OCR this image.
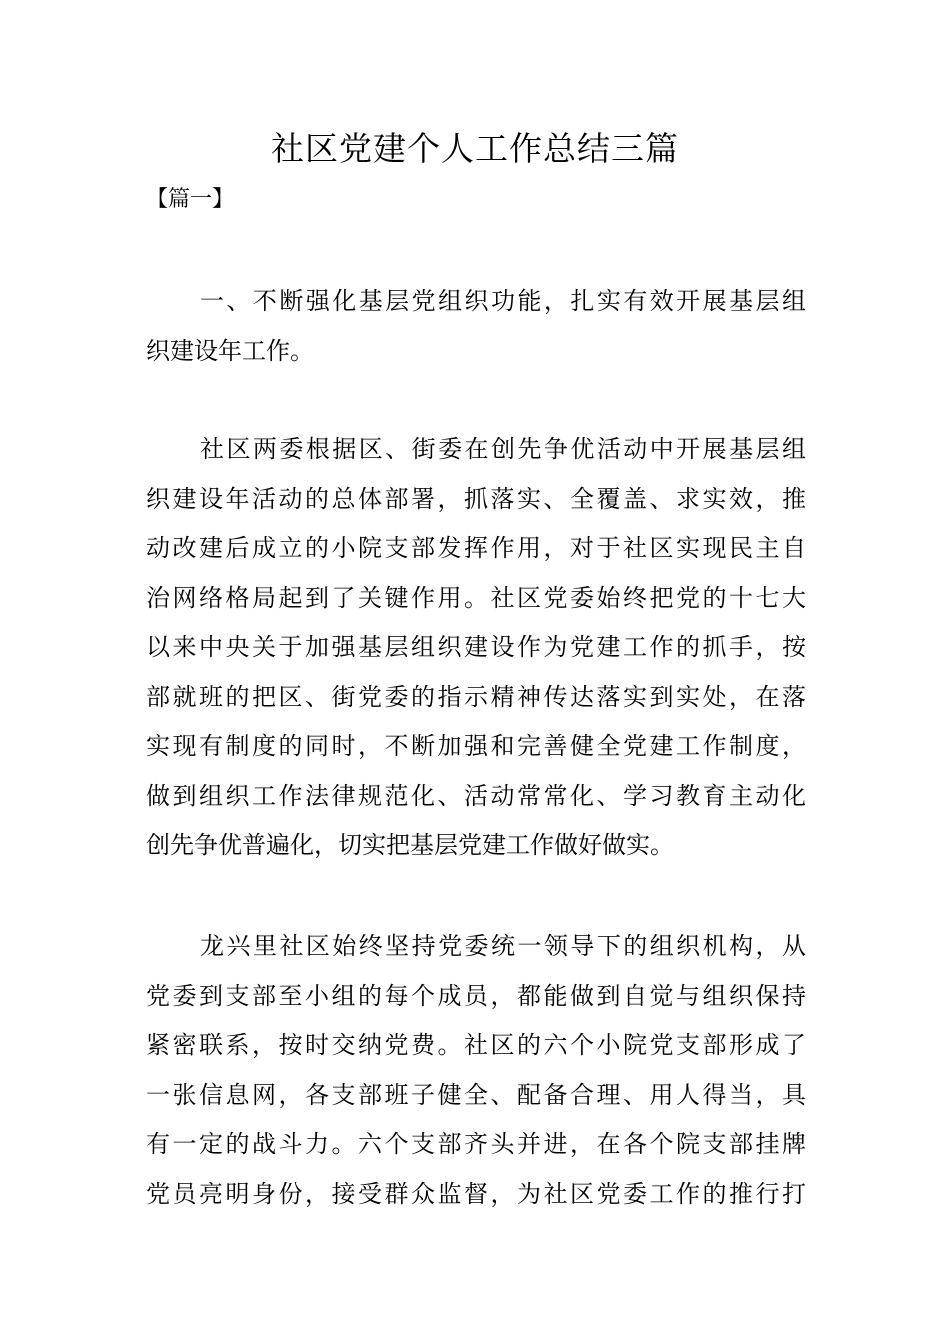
社区党建个人工作总结三篇
【篇一】
一、不断强化基层党组织功能，扎实有效开展基层组
织建设年工作。
社区两委根据区、街委在创先争优活动中开展基层组
织建设年活动的总体部署，抓落实、全覆盖、求实效，推
动改建后成立的小院支部发挥作用，对于社区实现民主自
治网络格局起到了关键作用。社区党委始终把党的十七大
以来中央关于加强基层组织建设作为党建工作的抓手，按
部就班的把区、街党委的指示精神传达落实到实处，在落
实现有制度的同时，不断加强和完善健全党建工作制度，
做到组织工作法律规范化、活动常常化、学习教育主动化
创先争优普遍化，切实把基层党建工作做好做实。
龙兴里社区始终坚持党委统一领导下的组织机构，从
党委到支部至小组的每个成员，都能做到自觉与组织保持
紧密联系，按时交纳党费。社区的六个小院党支部形成了
一张信息网，各支部班子健全、配备合理、用人得当，具
有一定的战斗力。六个支部齐头并进，在各个院支部挂牌
党员亮明身份，接受群众监督，为社区党委工作的推行打
